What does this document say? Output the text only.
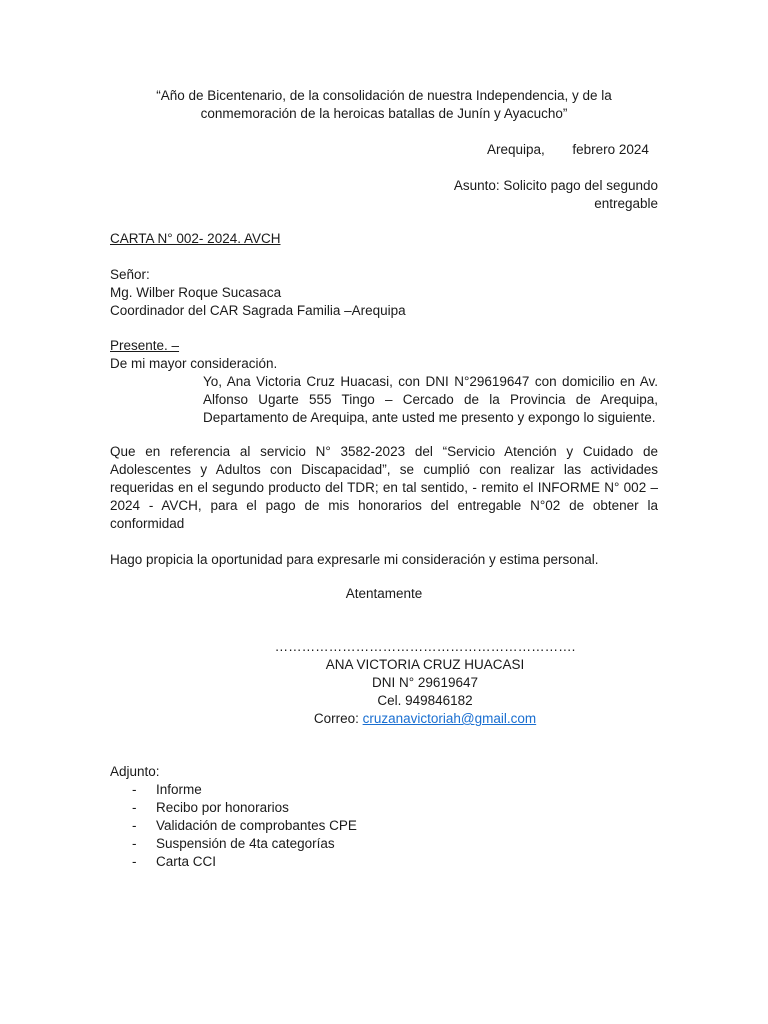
“Año de Bicentenario, de la consolidación de nuestra Independencia, y de la
conmemoración de la heroicas batallas de Junín y Ayacucho”
Arequipa, febrero 2024
Asunto: Solicito pago del segundo
entregable
CARTA N° 002- 2024. AVCH
Señor:
Mg. Wilber Roque Sucasaca
Coordinador del CAR Sagrada Familia –Arequipa
Presente. –
De mi mayor consideración.
Yo, Ana Victoria Cruz Huacasi, con DNI N°29619647 con domicilio en Av. Alfonso Ugarte 555 Tingo – Cercado de la Provincia de Arequipa, Departamento de Arequipa, ante usted me presento y expongo lo siguiente.
Que en referencia al servicio N° 3582-2023 del “Servicio Atención y Cuidado de Adolescentes y Adultos con Discapacidad”, se cumplió con realizar las actividades requeridas en el segundo producto del TDR; en tal sentido, - remito el INFORME N° 002 – 2024 - AVCH, para el pago de mis honorarios del entregable N°02 de obtener la conformidad
Hago propicia la oportunidad para expresarle mi consideración y estima personal.
Atentamente
………………………………………………………….
ANA VICTORIA CRUZ HUACASI
DNI N° 29619647
Cel. 949846182
Correo: cruzanavictoriah@gmail.com
Adjunto:
- Informe
- Recibo por honorarios
- Validación de comprobantes CPE
- Suspensión de 4ta categorías
- Carta CCI
